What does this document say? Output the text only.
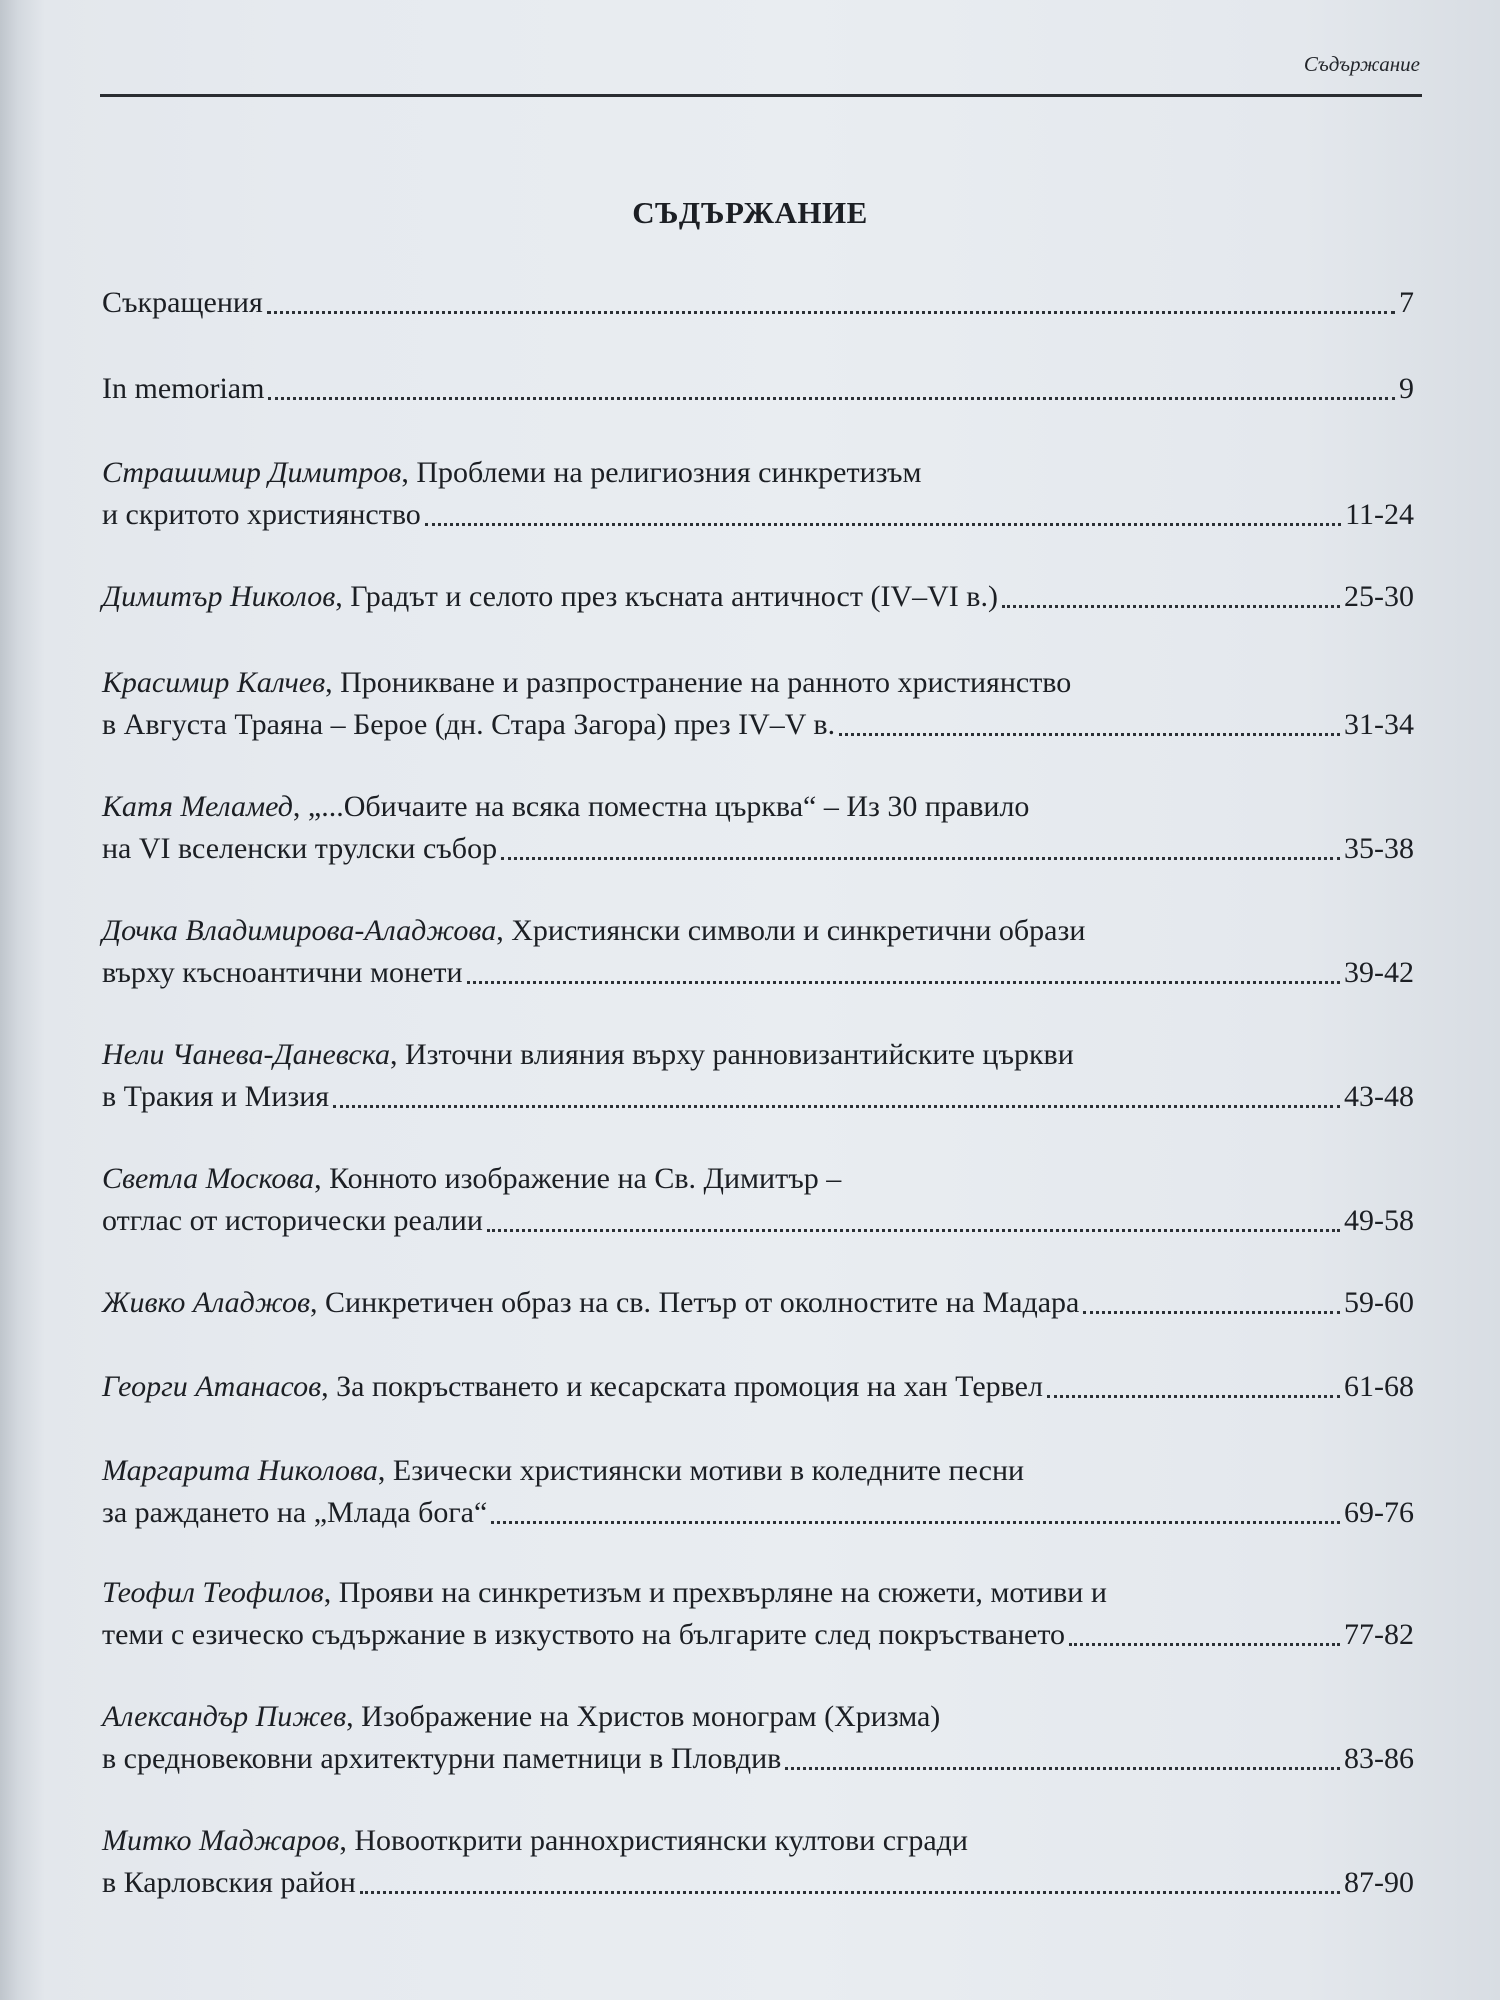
Съдържание
СЪДЪРЖАНИЕ
Съкращения	7
In memoriam	9
Страшимир Димитров, Проблеми на религиозния синкретизъм
и скритото християнство	11-24
Димитър Николов, Градът и селото през късната античност (IV–VI в.)	25-30
Красимир Калчев, Проникване и разпространение на ранното християнство
в Августа Траяна – Берое (дн. Стара Загора) през IV–V в.	31-34
Катя Меламед, „...Обичаите на всяка поместна църква“ – Из 30 правило
на VI вселенски трулски събор	35-38
Дочка Владимирова-Аладжова, Християнски символи и синкретични образи
върху късноантични монети	39-42
Нели Чанева-Даневска, Източни влияния върху ранновизантийските църкви
в Тракия и Мизия	43-48
Светла Москова, Конното изображение на Св. Димитър –
отглас от исторически реалии	49-58
Живко Аладжов, Синкретичен образ на св. Петър от околностите на Мадара	59-60
Георги Атанасов, За покръстването и кесарската промоция на хан Тервел	61-68
Маргарита Николова, Езически християнски мотиви в коледните песни
за раждането на „Млада бога“	69-76
Теофил Теофилов, Прояви на синкретизъм и прехвърляне на сюжети, мотиви и
теми с езическо съдържание в изкуството на българите след покръстването	77-82
Александър Пижев, Изображение на Христов монограм (Хризма)
в средновековни архитектурни паметници в Пловдив	83-86
Митко Маджаров, Новооткрити раннохристиянски култови сгради
в Карловския район	87-90
